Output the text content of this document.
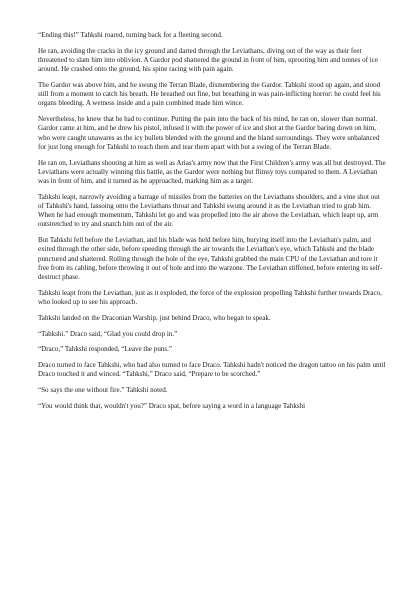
“Ending this!” Tahkshi roared, turning back for a fleeting second.

He ran, avoiding the cracks in the icy ground and darted through the Leviathans, diving out of the way as their feet threatened to slam him into oblivion. A Gardor pod shattered the ground in front of him, uprooting him and tonnes of ice around. He crashed onto the ground, his spine racing with pain again.

The Gardor was above him, and he swung the Terran Blade, dismembering the Gardor. Tahkshi stood up again, and stood still from a moment to catch his breath. He breathed out fine, but breathing in was pain-inflicting horror: he could feel his organs bleeding. A wetness inside and a pain combined made him wince.

Nevertheless, he knew that he had to continue. Putting the pain into the back of his mind, he ran on, slower than normal. Gardor came at him, and he drew his pistol, infused it with the power of ice and shot at the Gardor baring down on him, who were caught unawares as the icy bullets blended with the ground and the bland surroundings. They were unbalanced for just long enough for Tahkshi to reach them and tear them apart with but a swing of the Terran Blade.

He ran on, Leviathans shooting at him as well as Arias's army now that the First Children's army was all but destroyed. The Leviathans were actually winning this battle, as the Gardor were nothing but flimsy toys compared to them. A Leviathan was in front of him, and it turned as he approached, marking him as a target.

Tahkshi leapt, narrowly avoiding a barrage of missiles from the batteries on the Leviathans shoulders, and a vine shot out of Tahkshi's hand, lassoing onto the Leviathans throat and Tahkshi swung around it as the Leviathan tried to grab him. When he had enough momentum, Tahkshi let go and was propelled into the air above the Leviathan, which leapt up, arm outstretched to try and snatch him out of the air.

But Tahkshi fell before the Leviathan, and his blade was held before him, burying itself into the Leviathan's palm, and exited through the other side, before speeding through the air towards the Leviathan's eye, which Tahkshi and the blade punctured and shattered. Rolling through the hole of the eye, Tahkshi grabbed the main CPU of the Leviathan and tore it free from its cabling, before throwing it out of hole and into the warzone. The Leviathan stiffened, before entering its self-destruct phase.

Tahkshi leapt from the Leviathan, just as it exploded, the force of the explosion propelling Tahkshi further towards Draco, who looked up to see his approach.

Tahkshi landed on the Draconian Warship, just behind Draco, who began to speak.

“Tahkshi.” Draco said, “Glad you could drop in.”

“Draco,” Tahkshi responded, “Leave the puns.”

Draco turned to face Tahkshi, who had also turned to face Draco. Tahkshi hadn't noticed the dragon tattoo on his palm until Draco touched it and winced. “Tahkshi,” Draco said, “Prepare to be scorched.”

“So says the one without fire.” Tahkshi noted.

“You would think that, wouldn't you?” Draco spat, before saying a word in a language Tahkshi
